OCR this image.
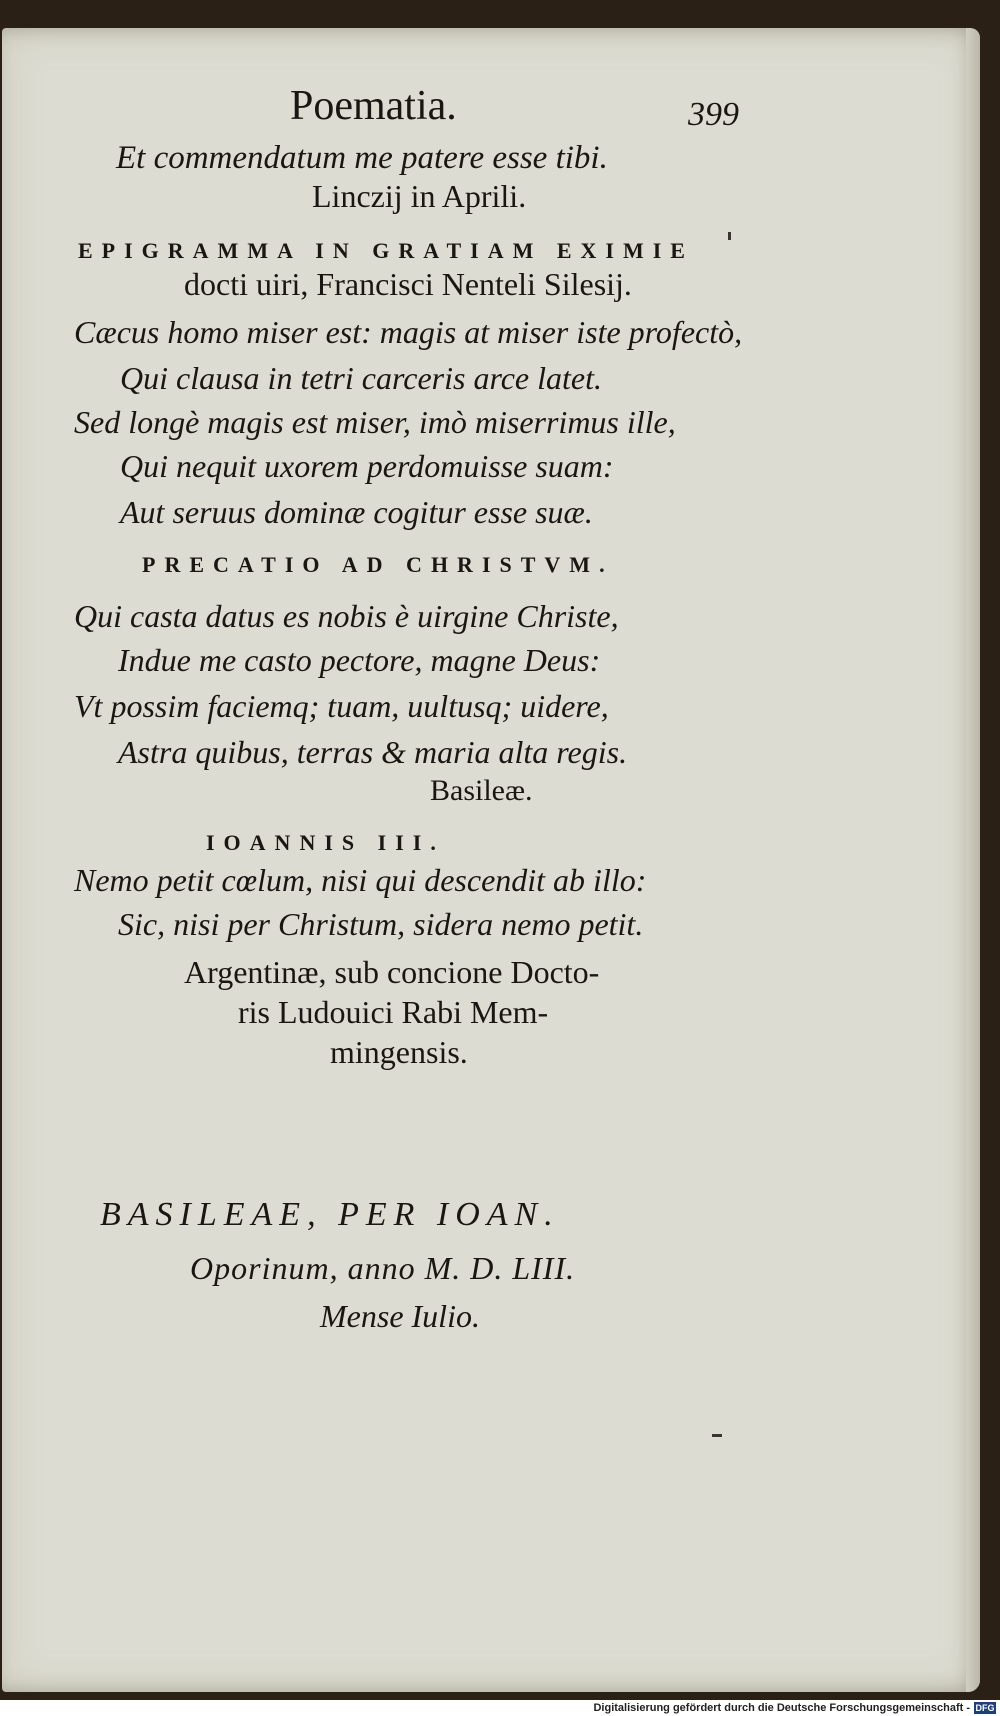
Poematia.	399
Et commendatum me patere esse tibi.
Linczij in Aprili.
EPIGRAMMA IN GRATIAM EXIMIE
docti uiri, Francisci Nenteli Silesij.
Cæcus homo miser est: magis at miser iste profectò,
Qui clausa in tetri carceris arce latet.
Sed longè magis est miser, imò miserrimus ille,
Qui nequit uxorem perdomuisse suam:
Aut seruus dominæ cogitur esse suæ.
PRECATIO AD CHRISTVM.
Qui casta datus es nobis è uirgine Christe,
Indue me casto pectore, magne Deus:
Vt possim faciemq; tuam, uultusq; uidere,
Astra quibus, terras & maria alta regis.
Basileæ.
IOANNIS III.
Nemo petit cœlum, nisi qui descendit ab illo:
Sic, nisi per Christum, sidera nemo petit.
Argentinæ, sub concione Docto-
ris Ludouici Rabi Mem-
mingensis.
BASILEAE, PER IOAN.
Oporinum, anno M. D. LIII.
Mense Iulio.
Digitalisierung gefördert durch die Deutsche Forschungsgemeinschaft - DFG
